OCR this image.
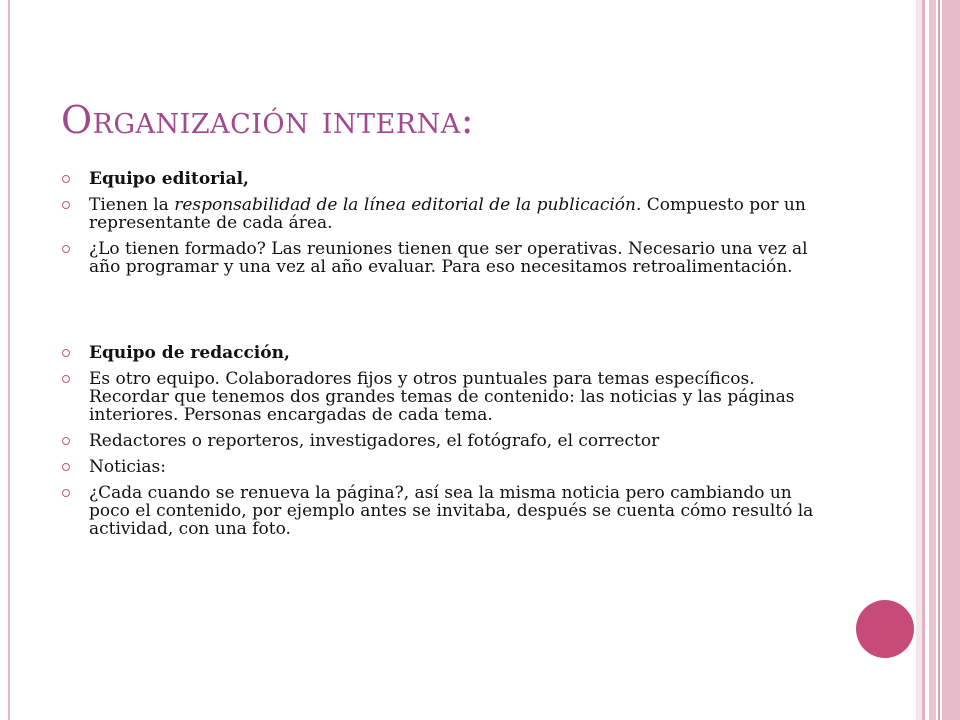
Organización interna:
Equipo editorial,
Tienen la responsabilidad de la línea editorial de la publicación. Compuesto por un representante de cada área.
¿Lo tienen formado? Las reuniones tienen que ser operativas. Necesario una vez al año programar y una vez al año evaluar. Para eso necesitamos retroalimentación.
Equipo de redacción,
Es otro equipo. Colaboradores fijos y otros puntuales para temas específicos. Recordar que tenemos dos grandes temas de contenido: las noticias y las páginas interiores. Personas encargadas de cada tema.
Redactores o reporteros, investigadores, el fotógrafo, el corrector
Noticias:
¿Cada cuando se renueva la página?, así sea la misma noticia pero cambiando un poco el contenido, por ejemplo antes se invitaba, después se cuenta cómo resultó la actividad, con una foto.
